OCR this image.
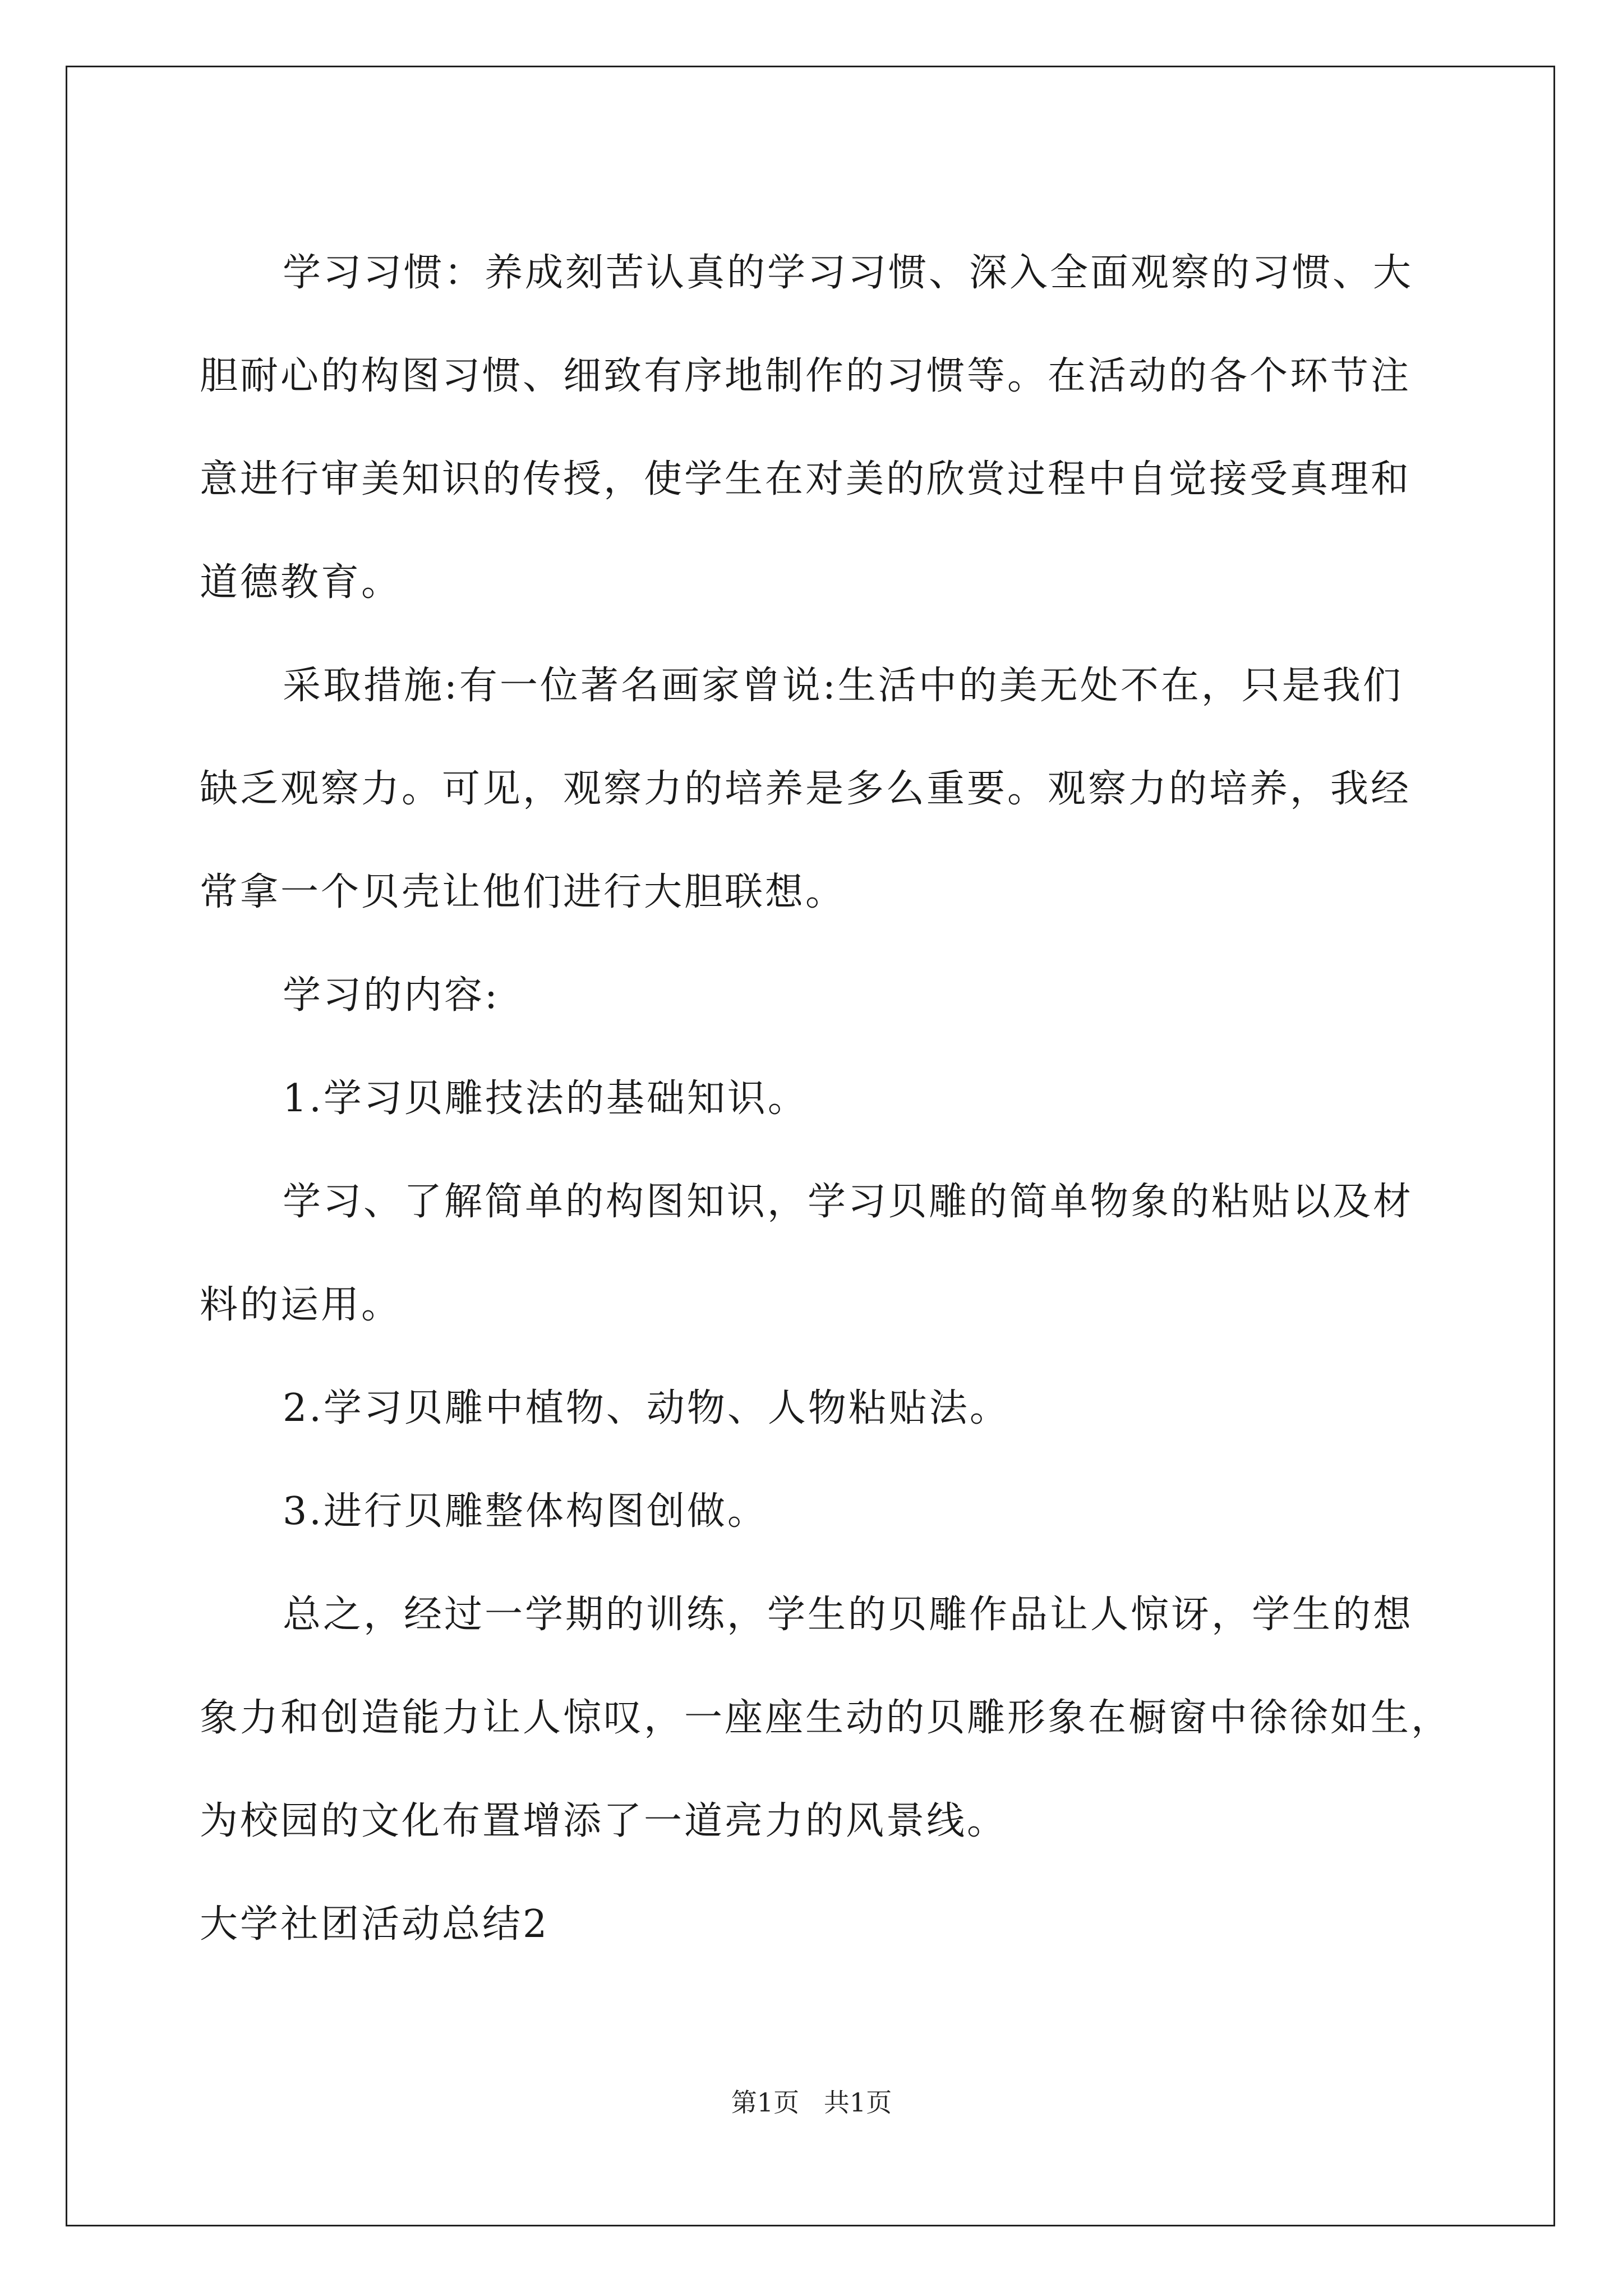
学习习惯：养成刻苦认真的学习习惯、深入全面观察的习惯、大
胆耐心的构图习惯、细致有序地制作的习惯等。在活动的各个环节注
意进行审美知识的传授，使学生在对美的欣赏过程中自觉接受真理和
道德教育。
采取措施:有一位著名画家曾说:生活中的美无处不在，只是我们
缺乏观察力。可见，观察力的培养是多么重要。观察力的培养，我经
常拿一个贝壳让他们进行大胆联想。
学习的内容:
1.学习贝雕技法的基础知识。
学习、了解简单的构图知识，学习贝雕的简单物象的粘贴以及材
料的运用。
2.学习贝雕中植物、动物、人物粘贴法。
3.进行贝雕整体构图创做。
总之，经过一学期的训练，学生的贝雕作品让人惊讶，学生的想
象力和创造能力让人惊叹，一座座生动的贝雕形象在橱窗中徐徐如生，
为校园的文化布置增添了一道亮力的风景线。
大学社团活动总结2
第1页   共1页
